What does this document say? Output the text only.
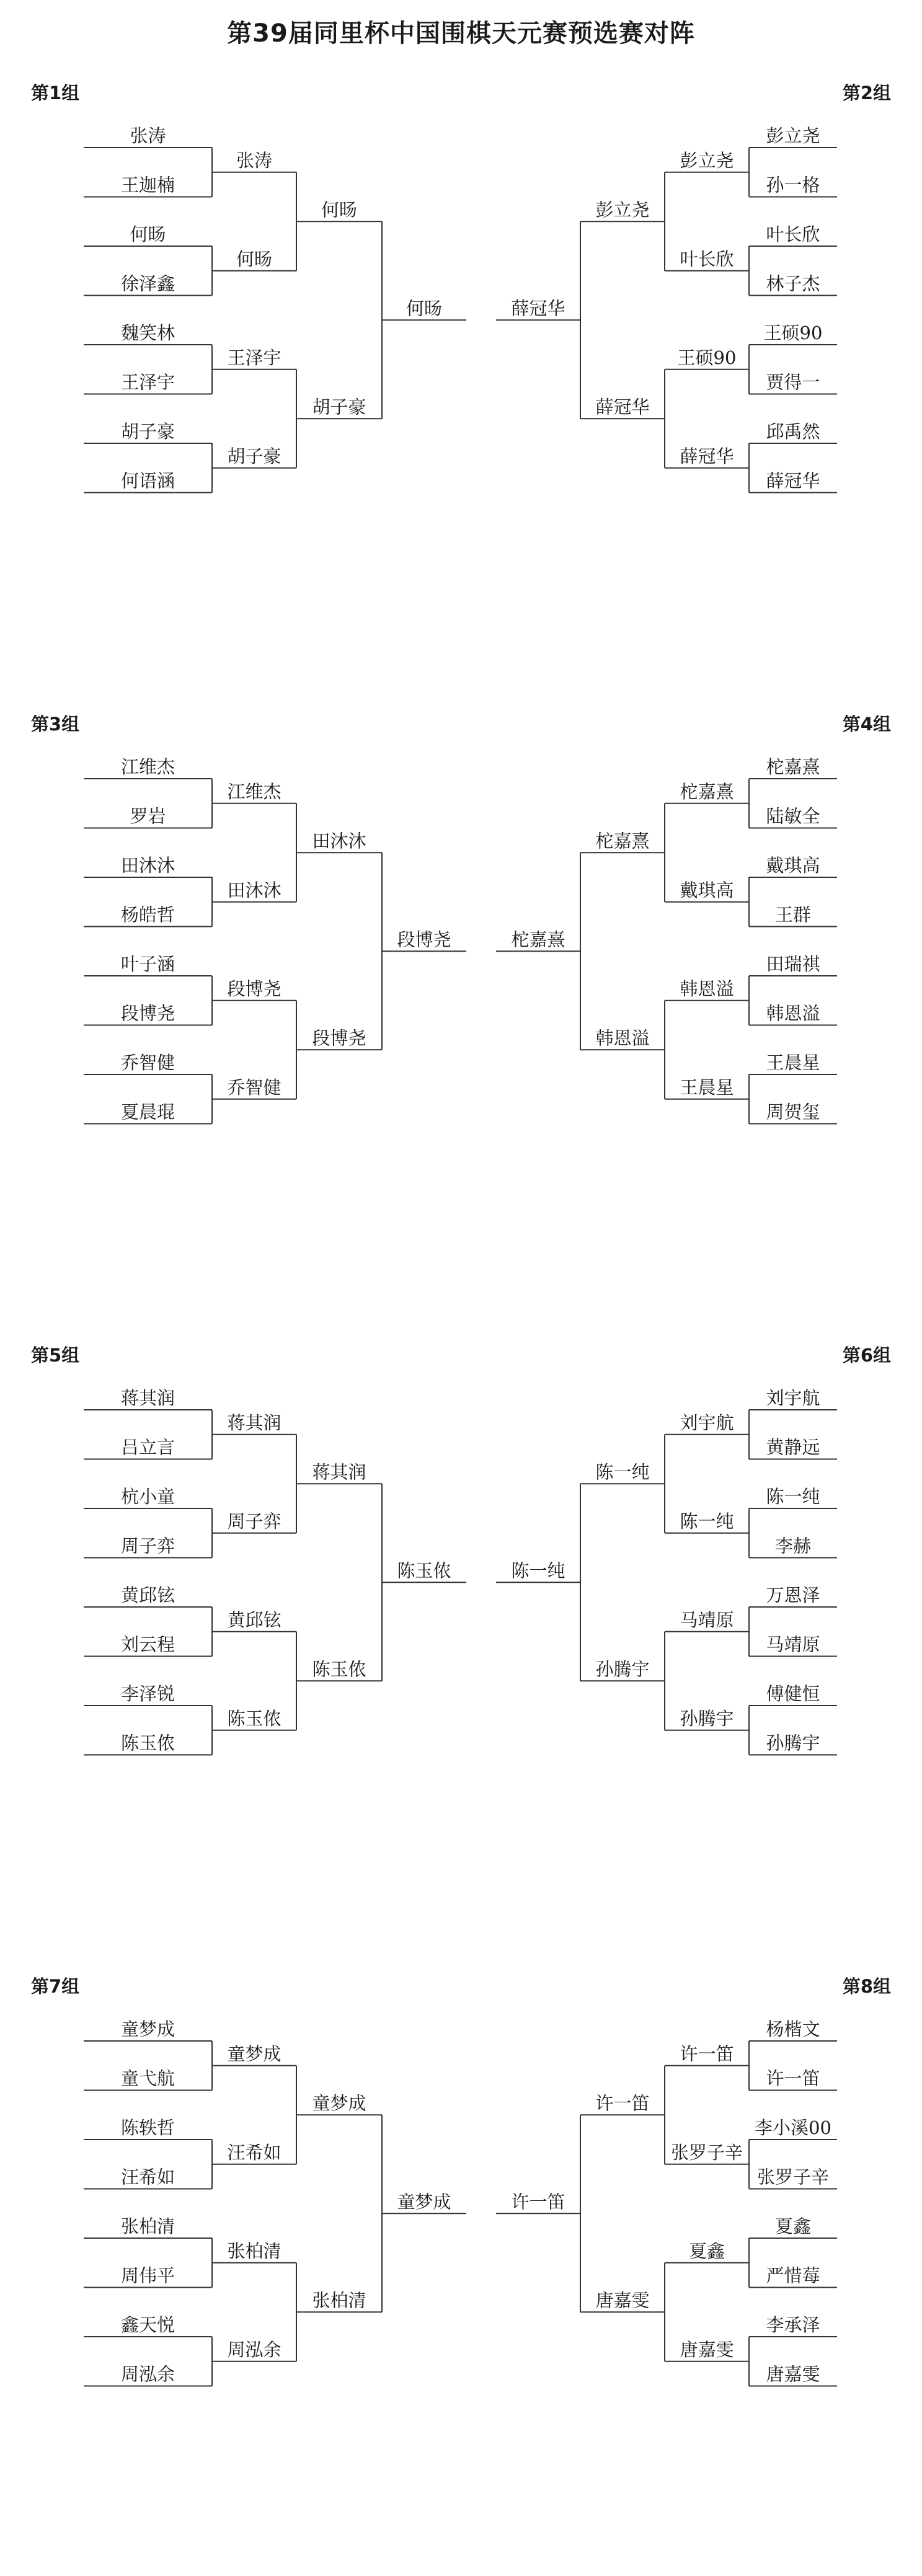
第39届同里杯中国围棋天元赛预选赛对阵
第1组
张涛
王迦楠
何旸
徐泽鑫
魏笑林
王泽宇
胡子豪
何语涵
张涛
何旸
王泽宇
胡子豪
何旸
胡子豪
何旸
第2组
彭立尧
孙一格
叶长欣
林子杰
王硕90
贾得一
邱禹然
薛冠华
彭立尧
叶长欣
王硕90
薛冠华
彭立尧
薛冠华
薛冠华
第3组
江维杰
罗岩
田沐沐
杨皓哲
叶子涵
段博尧
乔智健
夏晨琨
江维杰
田沐沐
段博尧
乔智健
田沐沐
段博尧
段博尧
第4组
柁嘉熹
陆敏全
戴琪高
王群
田瑞祺
韩恩溢
王晨星
周贺玺
柁嘉熹
戴琪高
韩恩溢
王晨星
柁嘉熹
韩恩溢
柁嘉熹
第5组
蒋其润
吕立言
杭小童
周子弈
黄邱铉
刘云程
李泽锐
陈玉侬
蒋其润
周子弈
黄邱铉
陈玉侬
蒋其润
陈玉侬
陈玉侬
第6组
刘宇航
黄静远
陈一纯
李赫
万恩泽
马靖原
傅健恒
孙腾宇
刘宇航
陈一纯
马靖原
孙腾宇
陈一纯
孙腾宇
陈一纯
第7组
童梦成
童弋航
陈轶哲
汪希如
张柏清
周伟平
鑫天悦
周泓余
童梦成
汪希如
张柏清
周泓余
童梦成
张柏清
童梦成
第8组
杨楷文
许一笛
李小溪00
张罗子辛
夏鑫
严惜莓
李承泽
唐嘉雯
许一笛
张罗子辛
夏鑫
唐嘉雯
许一笛
唐嘉雯
许一笛
